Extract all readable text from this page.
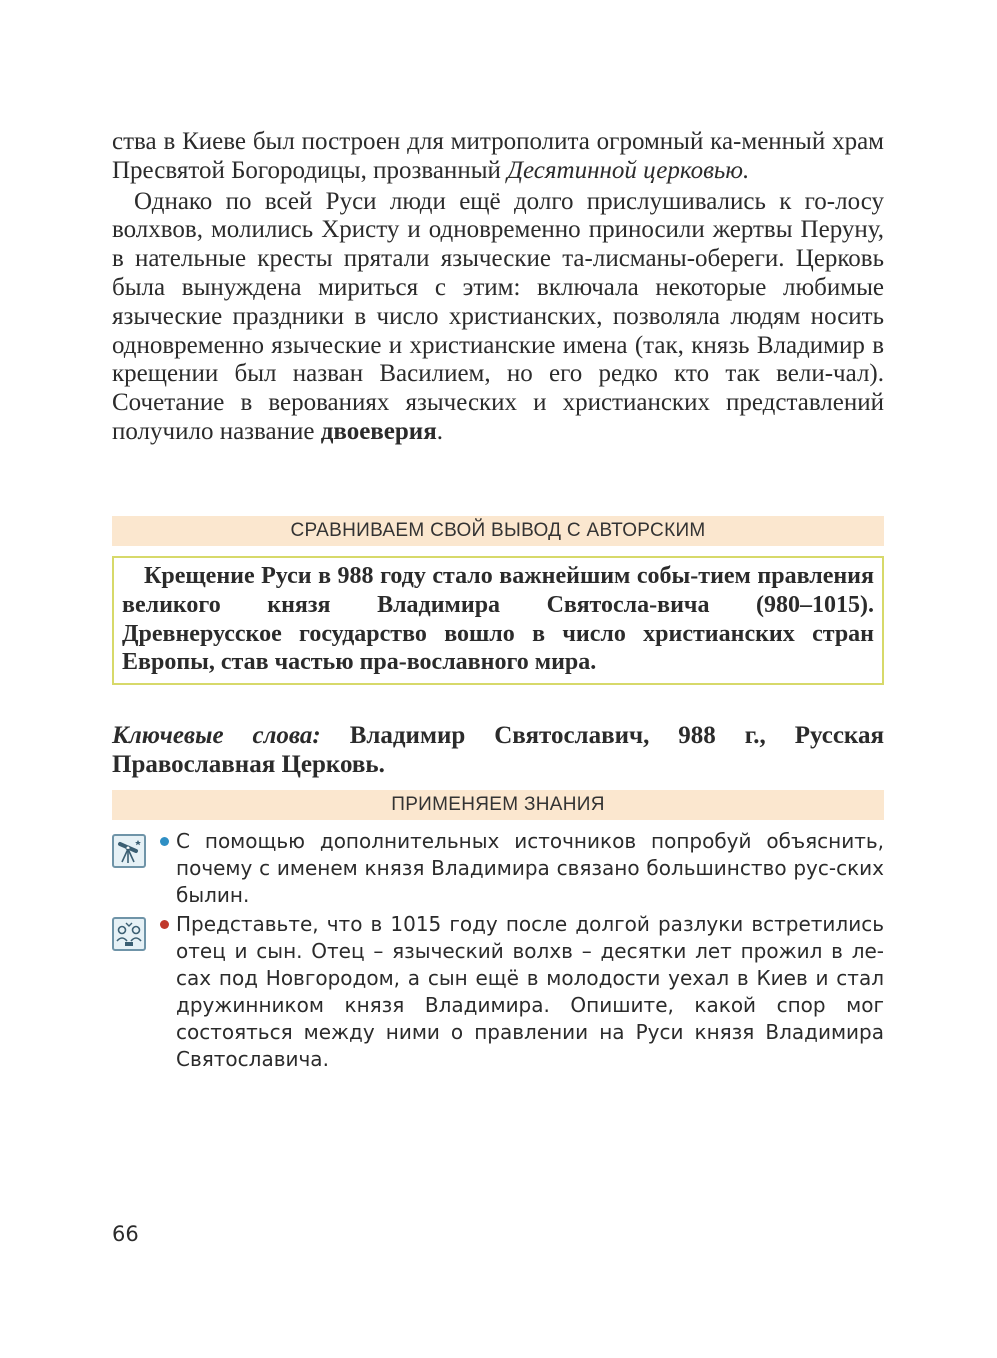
ства в Киеве был построен для митрополита огромный ка-менный храм Пресвятой Богородицы, прозванный Десятинной церковью.

Однако по всей Руси люди ещё долго прислушивались к го-лосу волхвов, молились Христу и одновременно приносили жертвы Перуну, в нательные кресты прятали языческие та-лисманы-обереги. Церковь была вынуждена мириться с этим: включала некоторые любимые языческие праздники в число христианских, позволяла людям носить одновременно языческие и христианские имена (так, князь Владимир в крещении был назван Василием, но его редко кто так вели-чал). Сочетание в верованиях языческих и христианских представлений получило название двоеверия.

СРАВНИВАЕМ СВОЙ ВЫВОД С АВТОРСКИМ
Крещение Руси в 988 году стало важнейшим собы-тием правления великого князя Владимира Святосла-вича (980–1015). Древнерусское государство вошло в число христианских стран Европы, став частью пра-вославного мира.
Ключевые слова: Владимир Святославич, 988 г., Русская Православная Церковь.
ПРИМЕНЯЕМ ЗНАНИЯ
С помощью дополнительных источников попробуй объяснить, почему с именем князя Владимира связано большинство рус-ских былин.
Представьте, что в 1015 году после долгой разлуки встретились отец и сын. Отец – языческий волхв – десятки лет прожил в ле-сах под Новгородом, а сын ещё в молодости уехал в Киев и стал дружинником князя Владимира. Опишите, какой спор мог состояться между ними о правлении на Руси князя Владимира Святославича.
66
